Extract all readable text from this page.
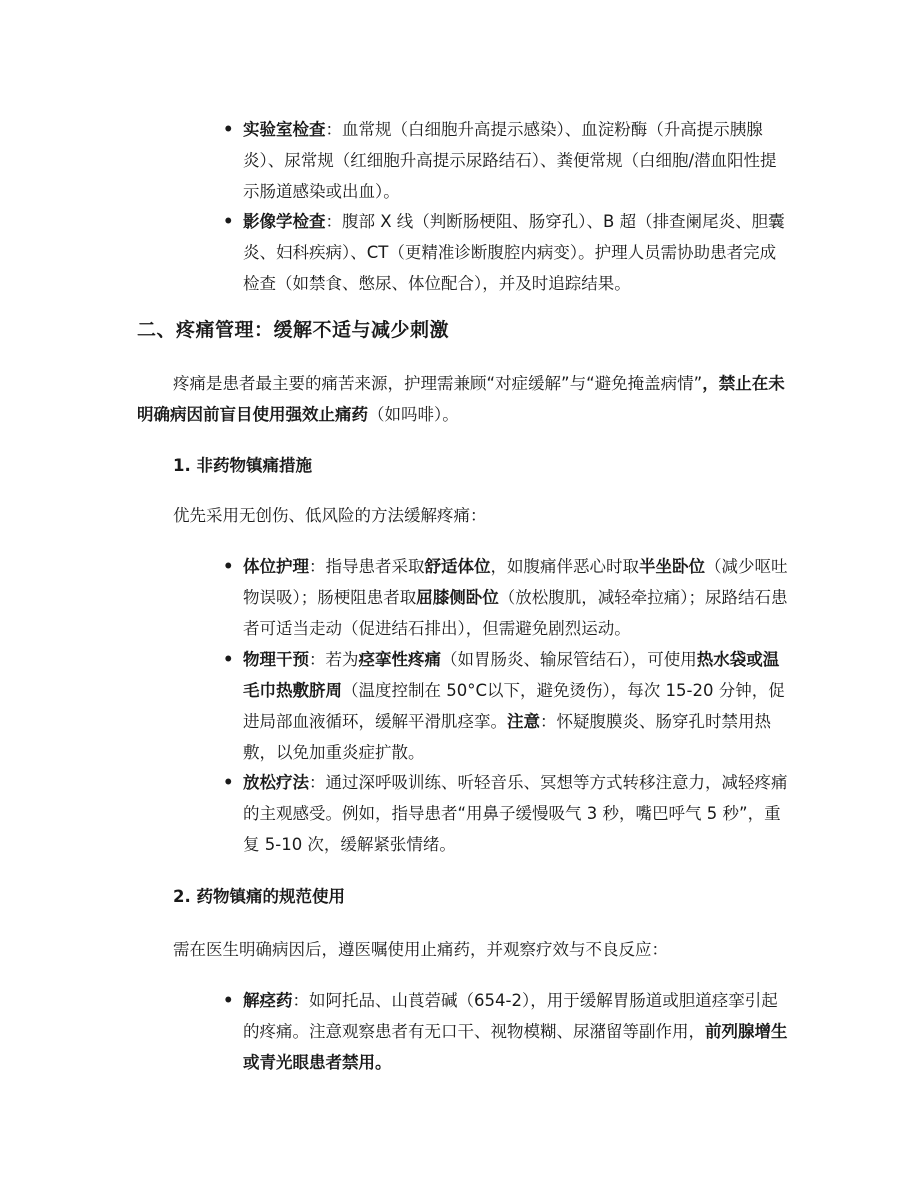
• 实验室检查：血常规（白细胞升高提示感染）、血淀粉酶（升高提示胰腺炎）、尿常规（红细胞升高提示尿路结石）、粪便常规（白细胞/潜血阳性提示肠道感染或出血）。
• 影像学检查：腹部 X 线（判断肠梗阻、肠穿孔）、B 超（排查阑尾炎、胆囊炎、妇科疾病）、CT（更精准诊断腹腔内病变）。护理人员需协助患者完成检查（如禁食、憋尿、体位配合），并及时追踪结果。
二、疼痛管理：缓解不适与减少刺激
疼痛是患者最主要的痛苦来源，护理需兼顾“对症缓解”与“避免掩盖病情”，禁止在未明确病因前盲目使用强效止痛药（如吗啡）。
1. 非药物镇痛措施
优先采用无创伤、低风险的方法缓解疼痛：
• 体位护理：指导患者采取舒适体位，如腹痛伴恶心时取半坐卧位（减少呕吐物误吸）；肠梗阻患者取屈膝侧卧位（放松腹肌，减轻牵拉痛）；尿路结石患者可适当走动（促进结石排出），但需避免剧烈运动。
• 物理干预：若为痉挛性疼痛（如胃肠炎、输尿管结石），可使用热水袋或温毛巾热敷脐周（温度控制在 50°C以下，避免烫伤），每次 15-20 分钟，促进局部血液循环，缓解平滑肌痉挛。注意：怀疑腹膜炎、肠穿孔时禁用热敷，以免加重炎症扩散。
• 放松疗法：通过深呼吸训练、听轻音乐、冥想等方式转移注意力，减轻疼痛的主观感受。例如，指导患者“用鼻子缓慢吸气 3 秒，嘴巴呼气 5 秒”，重复 5-10 次，缓解紧张情绪。
2. 药物镇痛的规范使用
需在医生明确病因后，遵医嘱使用止痛药，并观察疗效与不良反应：
• 解痉药：如阿托品、山莨菪碱（654-2），用于缓解胃肠道或胆道痉挛引起的疼痛。注意观察患者有无口干、视物模糊、尿潴留等副作用，前列腺增生或青光眼患者禁用。
